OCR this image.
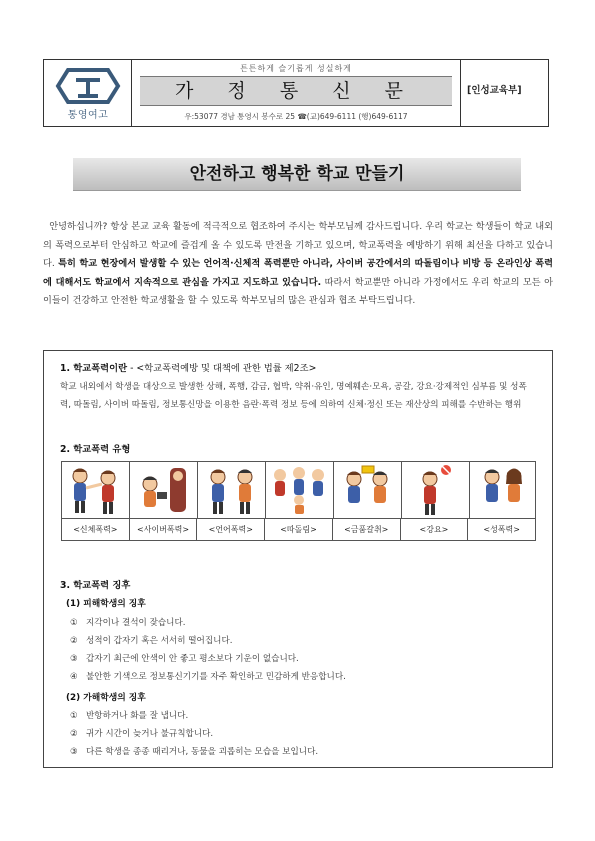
통영여고
튼튼하게 슬기롭게 성실하게
가 정 통 신 문
우:53077 경남 통영시 봉수로 25 ☎(교)649-6111 (행)649-6117
[인성교육부]
안전하고 행복한 학교 만들기
안녕하십니까? 항상 본교 교육 활동에 적극적으로 협조하여 주시는 학부모님께 감사드립니다. 우리 학교는 학생들이 학교 내외의 폭력으로부터 안심하고 학교에 즐겁게 올 수 있도록 만전을 기하고 있으며, 학교폭력을 예방하기 위해 최선을 다하고 있습니다. 특히 학교 현장에서 발생할 수 있는 언어적·신체적 폭력뿐만 아니라, 사이버 공간에서의 따돌림이나 비방 등 온라인상 폭력에 대해서도 학교에서 지속적으로 관심을 가지고 지도하고 있습니다. 따라서 학교뿐만 아니라 가정에서도 우리 학교의 모든 아이들이 건강하고 안전한 학교생활을 할 수 있도록 학부모님의 많은 관심과 협조 부탁드립니다.
1. 학교폭력이란 - <학교폭력예방 및 대책에 관한 법률 제2조>
학교 내외에서 학생을 대상으로 발생한 상해, 폭행, 감금, 협박, 약취·유인, 명예훼손·모욕, 공갈, 강요·강제적인 심부름 및 성폭력, 따돌림, 사이버 따돌림, 정보통신망을 이용한 음란·폭력 정보 등에 의하여 신체·정신 또는 재산상의 피해를 수반하는 행위
2. 학교폭력 유형
<신체폭력>	<사이버폭력>	<언어폭력>	<따돌림>	<금품갈취>	<강요>	<성폭력>
3. 학교폭력 징후
(1) 피해학생의 징후
① 지각이나 결석이 잦습니다.
② 성적이 갑자기 혹은 서서히 떨어집니다.
③ 갑자기 최근에 안색이 안 좋고 평소보다 기운이 없습니다.
④ 불안한 기색으로 정보통신기기를 자주 확인하고 민감하게 반응합니다.
(2) 가해학생의 징후
① 반항하거나 화를 잘 냅니다.
② 귀가 시간이 늦거나 불규칙합니다.
③ 다른 학생을 종종 때리거나, 동물을 괴롭히는 모습을 보입니다.
